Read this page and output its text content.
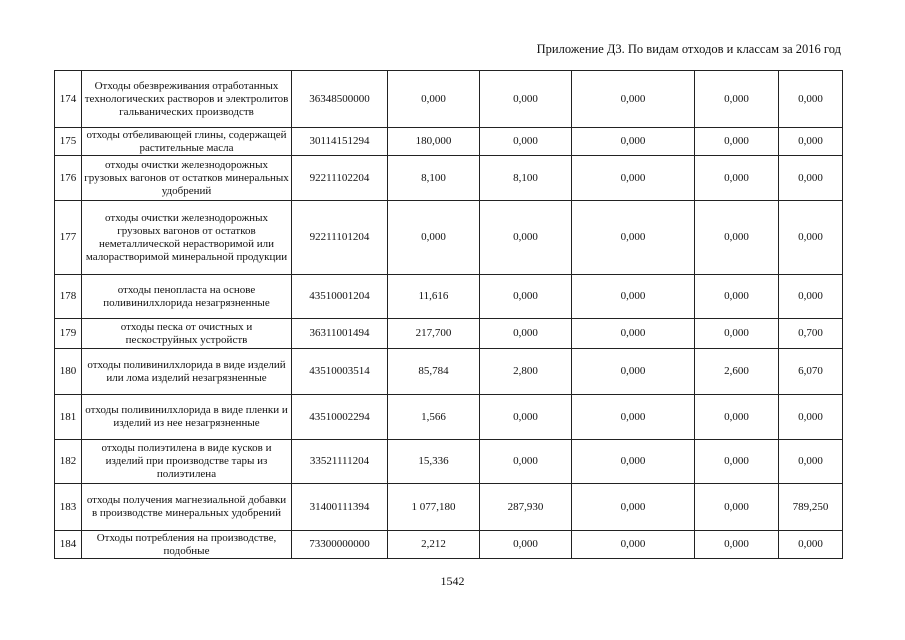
Приложение Д3. По видам отходов и классам за 2016 год
174	Отходы обезвреживания отработанных технологических растворов и электролитов гальванических производств	36348500000	0,000	0,000	0,000	0,000	0,000
175	отходы отбеливающей глины, содержащей растительные масла	30114151294	180,000	0,000	0,000	0,000	0,000
176	отходы очистки железнодорожных грузовых вагонов от остатков минеральных удобрений	92211102204	8,100	8,100	0,000	0,000	0,000
177	отходы очистки железнодорожных грузовых вагонов от остатков неметаллической нерастворимой или малорастворимой минеральной продукции	92211101204	0,000	0,000	0,000	0,000	0,000
178	отходы пенопласта на основе поливинилхлорида незагрязненные	43510001204	11,616	0,000	0,000	0,000	0,000
179	отходы песка от очистных и пескоструйных устройств	36311001494	217,700	0,000	0,000	0,000	0,700
180	отходы поливинилхлорида в виде изделий или лома изделий незагрязненные	43510003514	85,784	2,800	0,000	2,600	6,070
181	отходы поливинилхлорида в виде пленки и изделий из нее незагрязненные	43510002294	1,566	0,000	0,000	0,000	0,000
182	отходы полиэтилена в виде кусков и изделий при производстве тары из полиэтилена	33521111204	15,336	0,000	0,000	0,000	0,000
183	отходы получения магнезиальной добавки в производстве минеральных удобрений	31400111394	1 077,180	287,930	0,000	0,000	789,250
184	Отходы потребления на производстве, подобные	73300000000	2,212	0,000	0,000	0,000	0,000
1542
